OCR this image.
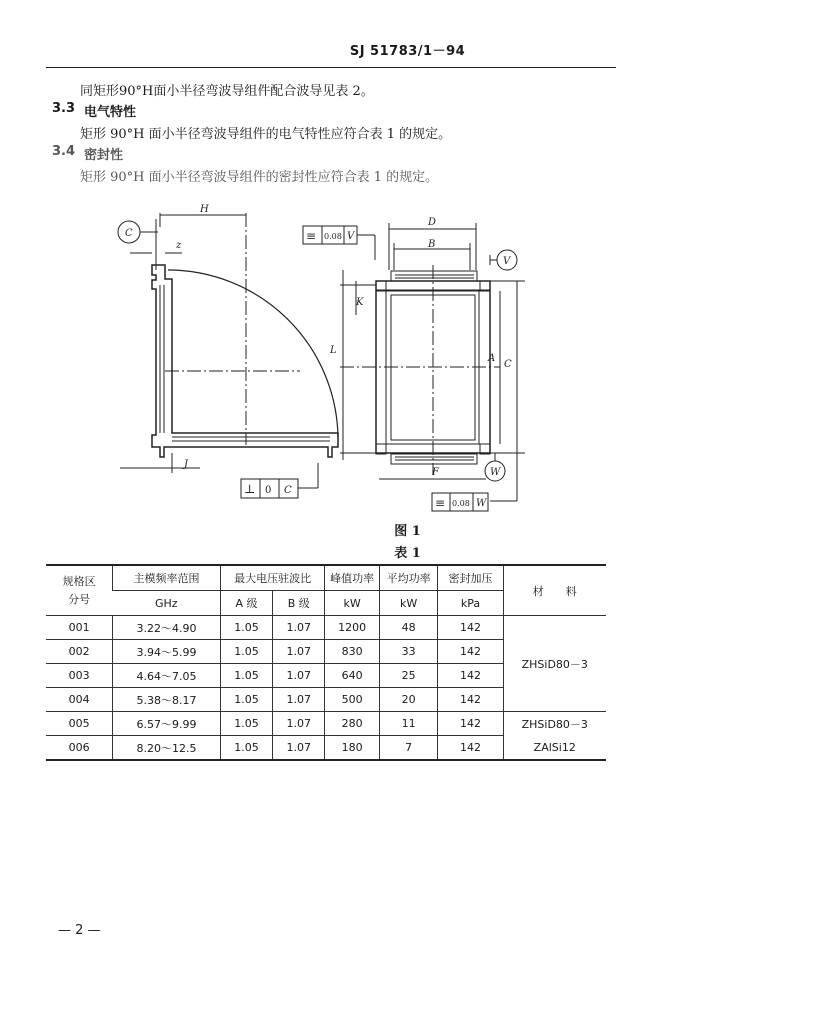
SJ 51783/1－94
同矩形90°H面小半径弯波导组件配合波导见表 2。
3.3 电气特性
矩形 90°H 面小半径弯波导组件的电气特性应符合表 1 的规定。
3.4 密封性
矩形 90°H 面小半径弯波导组件的密封性应符合表 1 的规定。
C
H
z
J
⊥ 0 C
≡ 0.08 V
D
B
K
L
A
C
V
W
F
≡ 0.08 W
图 1
表 1
规格区
分号	主模频率范围	最大电压驻波比		峰值功率	平均功率	密封加压	材　　料
	GHz	A 级	B 级	kW	kW	kPa	
001	3.22～4.90	1.05	1.07	1200	48	142	ZHSiD80－3
002	3.94～5.99	1.05	1.07	830	33	142	
003	4.64～7.05	1.05	1.07	640	25	142	
004	5.38～8.17	1.05	1.07	500	20	142	
005	6.57～9.99	1.05	1.07	280	11	142	ZHSiD80－3
006	8.20～12.5	1.05	1.07	180	7	142	ZAlSi12
— 2 —
